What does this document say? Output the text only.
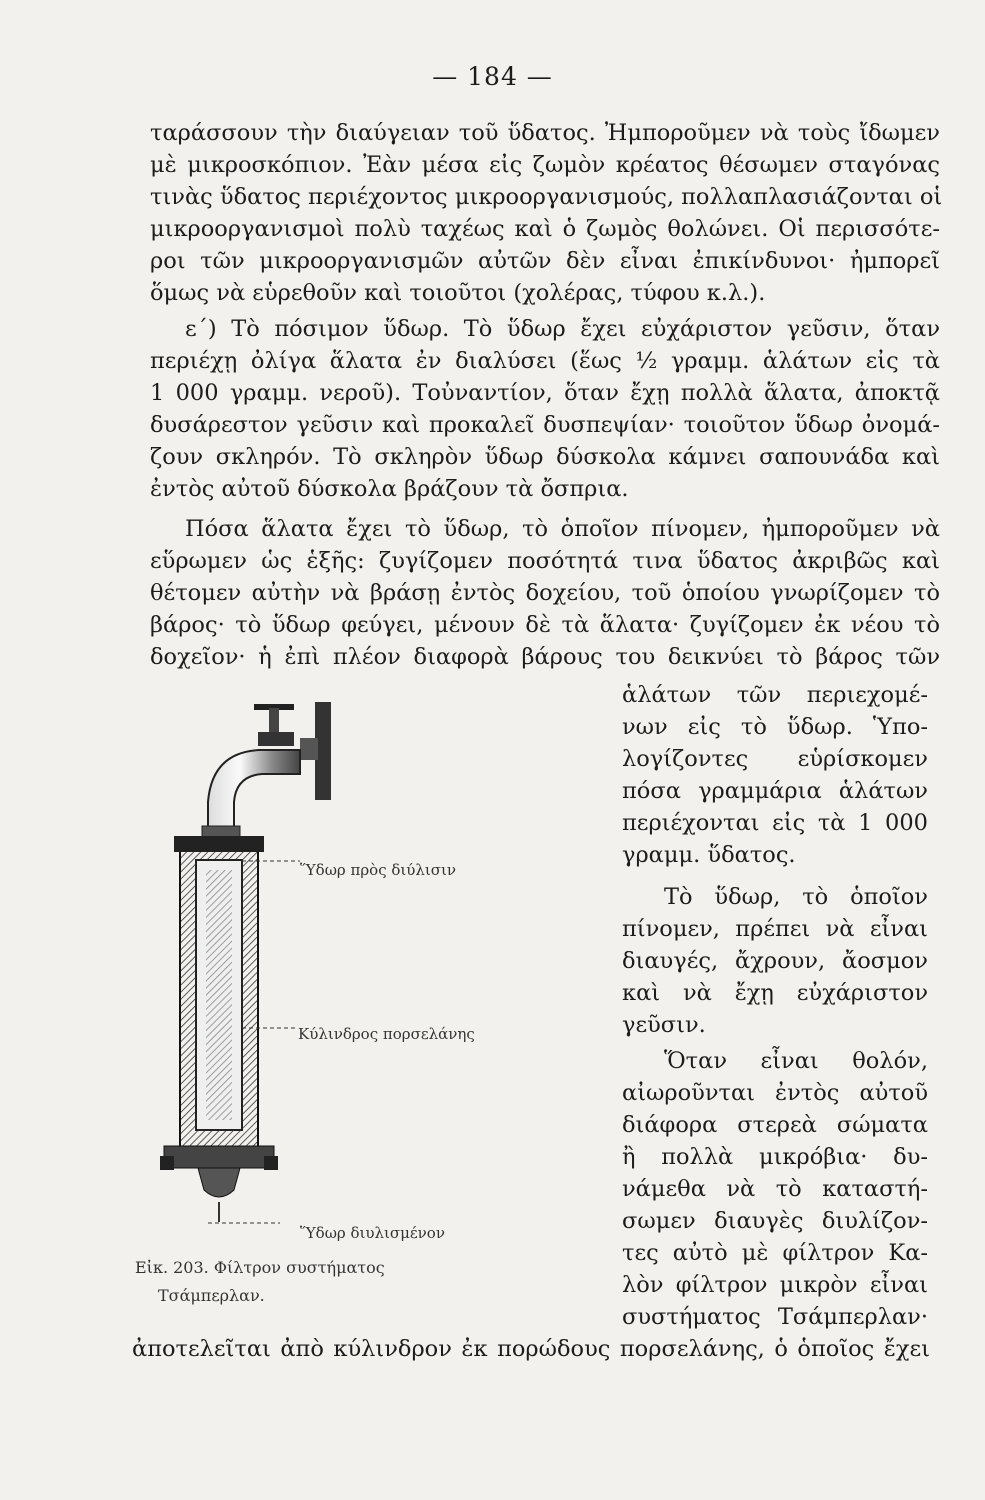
— 184 —
ταράσσουν τὴν διαύγειαν τοῦ ὕδατος. Ἠμποροῦμεν νὰ τοὺς ἴδωμεν
μὲ μικροσκόπιον. Ἐὰν μέσα εἰς ζωμὸν κρέατος θέσωμεν σταγόνας
τινὰς ὕδατος περιέχοντος μικροοργανισμούς, πολλαπλασιάζονται οἱ
μικροοργανισμοὶ πολὺ ταχέως καὶ ὁ ζωμὸς θολώνει. Οἱ περισσότε-
ροι τῶν μικροοργανισμῶν αὐτῶν δὲν εἶναι ἐπικίνδυνοι· ἠμπορεῖ
ὅμως νὰ εὑρεθοῦν καὶ τοιοῦτοι (χολέρας, τύφου κ.λ.).
ε΄) Τὸ πόσιμον ὕδωρ. Τὸ ὕδωρ ἔχει εὐχάριστον γεῦσιν, ὅταν
περιέχῃ ὀλίγα ἅλατα ἐν διαλύσει (ἕως ½ γραμμ. ἁλάτων εἰς τὰ
1 000 γραμμ. νεροῦ). Τοὐναντίον, ὅταν ἔχῃ πολλὰ ἅλατα, ἀποκτᾷ
δυσάρεστον γεῦσιν καὶ προκαλεῖ δυσπεψίαν· τοιοῦτον ὕδωρ ὀνομά-
ζουν σκληρόν. Τὸ σκληρὸν ὕδωρ δύσκολα κάμνει σαπουνάδα καὶ
ἐντὸς αὐτοῦ δύσκολα βράζουν τὰ ὄσπρια.
Πόσα ἅλατα ἔχει τὸ ὕδωρ, τὸ ὁποῖον πίνομεν, ἠμποροῦμεν νὰ
εὕρωμεν ὡς ἑξῆς: ζυγίζομεν ποσότητά τινα ὕδατος ἀκριβῶς καὶ
θέτομεν αὐτὴν νὰ βράσῃ ἐντὸς δοχείου, τοῦ ὁποίου γνωρίζομεν τὸ
βάρος· τὸ ὕδωρ φεύγει, μένουν δὲ τὰ ἅλατα· ζυγίζομεν ἐκ νέου τὸ
δοχεῖον· ἡ ἐπὶ πλέον διαφορὰ βάρους του δεικνύει τὸ βάρος τῶν
ἁλάτων τῶν περιεχομέ-
νων εἰς τὸ ὕδωρ. Ὑπο-
λογίζοντες εὑρίσκομεν
πόσα γραμμάρια ἁλάτων
περιέχονται εἰς τὰ 1 000
γραμμ. ὕδατος.
Τὸ ὕδωρ, τὸ ὁποῖον
πίνομεν, πρέπει νὰ εἶναι
διαυγές, ἄχρουν, ἄοσμον
καὶ νὰ ἔχῃ εὐχάριστον
γεῦσιν.
Ὅταν εἶναι θολόν,
αἰωροῦνται ἐντὸς αὐτοῦ
διάφορα στερεὰ σώματα
ἢ πολλὰ μικρόβια· δυ-
νάμεθα νὰ τὸ καταστή-
σωμεν διαυγὲς διυλίζον-
τες αὐτὸ μὲ φίλτρον Κα-
λὸν φίλτρον μικρὸν εἶναι
συστήματος Τσάμπερλαν·
ἀποτελεῖται ἀπὸ κύλινδρον ἐκ πορώδους πορσελάνης, ὁ ὁποῖος ἔχει
Ὕδωρ πρὸς διύλισιν
Κύλινδρος πορσελάνης
Ὕδωρ διυλισμένον
Εἰκ. 203. Φίλτρον συστήματος
Τσάμπερλαν.
